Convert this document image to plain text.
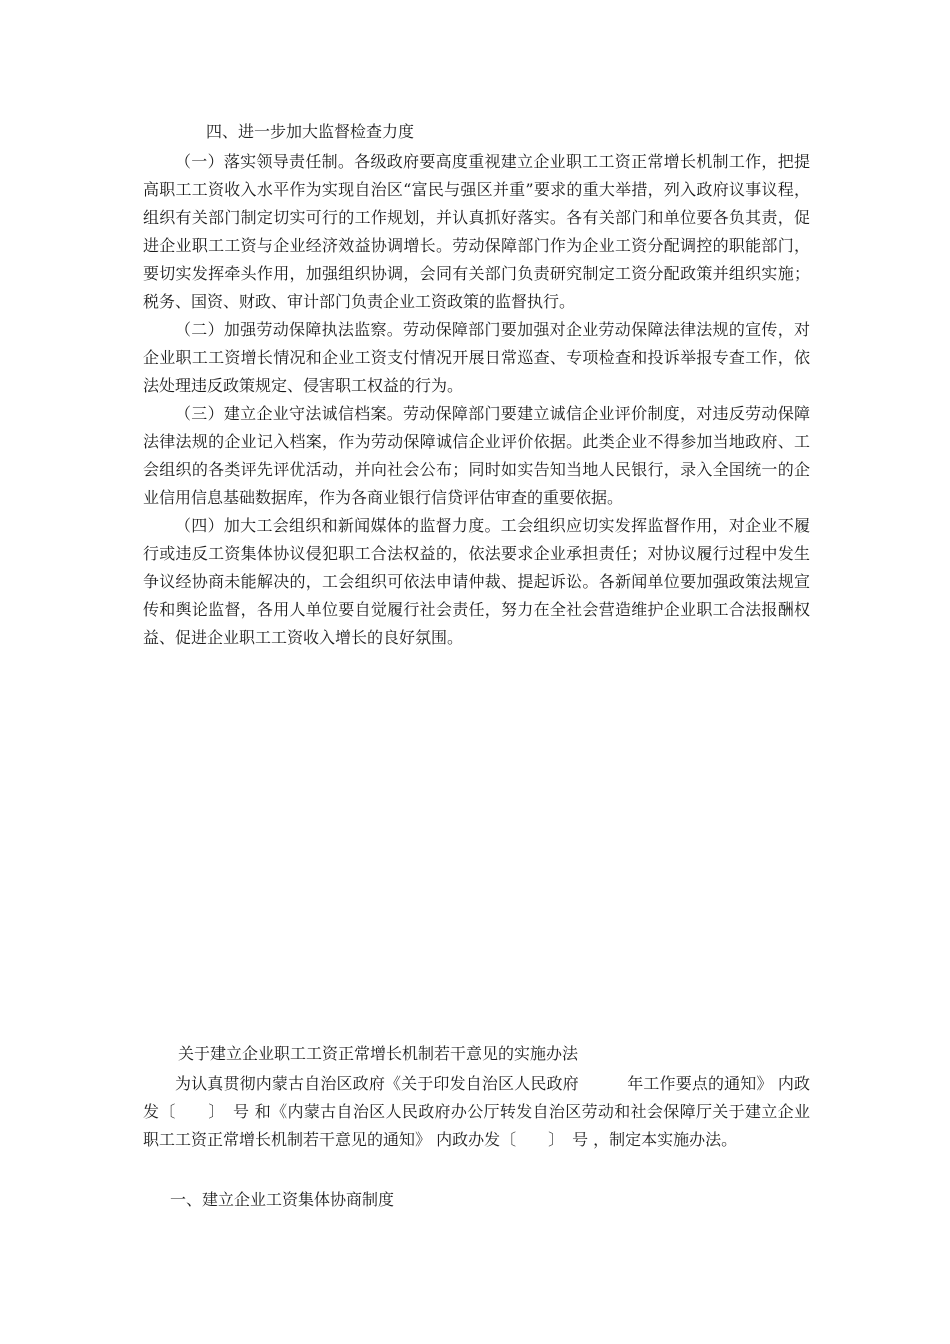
四、进一步加大监督检查力度

（一）落实领导责任制。各级政府要高度重视建立企业职工工资正常增长机制工作，把提高职工工资收入水平作为实现自治区“富民与强区并重”要求的重大举措，列入政府议事议程，组织有关部门制定切实可行的工作规划，并认真抓好落实。各有关部门和单位要各负其责，促进企业职工工资与企业经济效益协调增长。劳动保障部门作为企业工资分配调控的职能部门，要切实发挥牵头作用，加强组织协调，会同有关部门负责研究制定工资分配政策并组织实施；税务、国资、财政、审计部门负责企业工资政策的监督执行。

（二）加强劳动保障执法监察。劳动保障部门要加强对企业劳动保障法律法规的宣传，对企业职工工资增长情况和企业工资支付情况开展日常巡查、专项检查和投诉举报专查工作，依法处理违反政策规定、侵害职工权益的行为。

（三）建立企业守法诚信档案。劳动保障部门要建立诚信企业评价制度，对违反劳动保障法律法规的企业记入档案，作为劳动保障诚信企业评价依据。此类企业不得参加当地政府、工会组织的各类评先评优活动，并向社会公布；同时如实告知当地人民银行，录入全国统一的企业信用信息基础数据库，作为各商业银行信贷评估审查的重要依据。

（四）加大工会组织和新闻媒体的监督力度。工会组织应切实发挥监督作用，对企业不履行或违反工资集体协议侵犯职工合法权益的，依法要求企业承担责任；对协议履行过程中发生争议经协商未能解决的，工会组织可依法申请仲裁、提起诉讼。各新闻单位要加强政策法规宣传和舆论监督，各用人单位要自觉履行社会责任，努力在全社会营造维护企业职工合法报酬权益、促进企业职工工资收入增长的良好氛围。

关于建立企业职工工资正常增长机制若干意见的实施办法

为认真贯彻内蒙古自治区政府《关于印发自治区人民政府　　　年工作要点的通知》 内政发〔　　〕　号 和《内蒙古自治区人民政府办公厅转发自治区劳动和社会保障厅关于建立企业职工工资正常增长机制若干意见的通知》 内政办发〔　　〕　号 ，制定本实施办法。

一、建立企业工资集体协商制度
